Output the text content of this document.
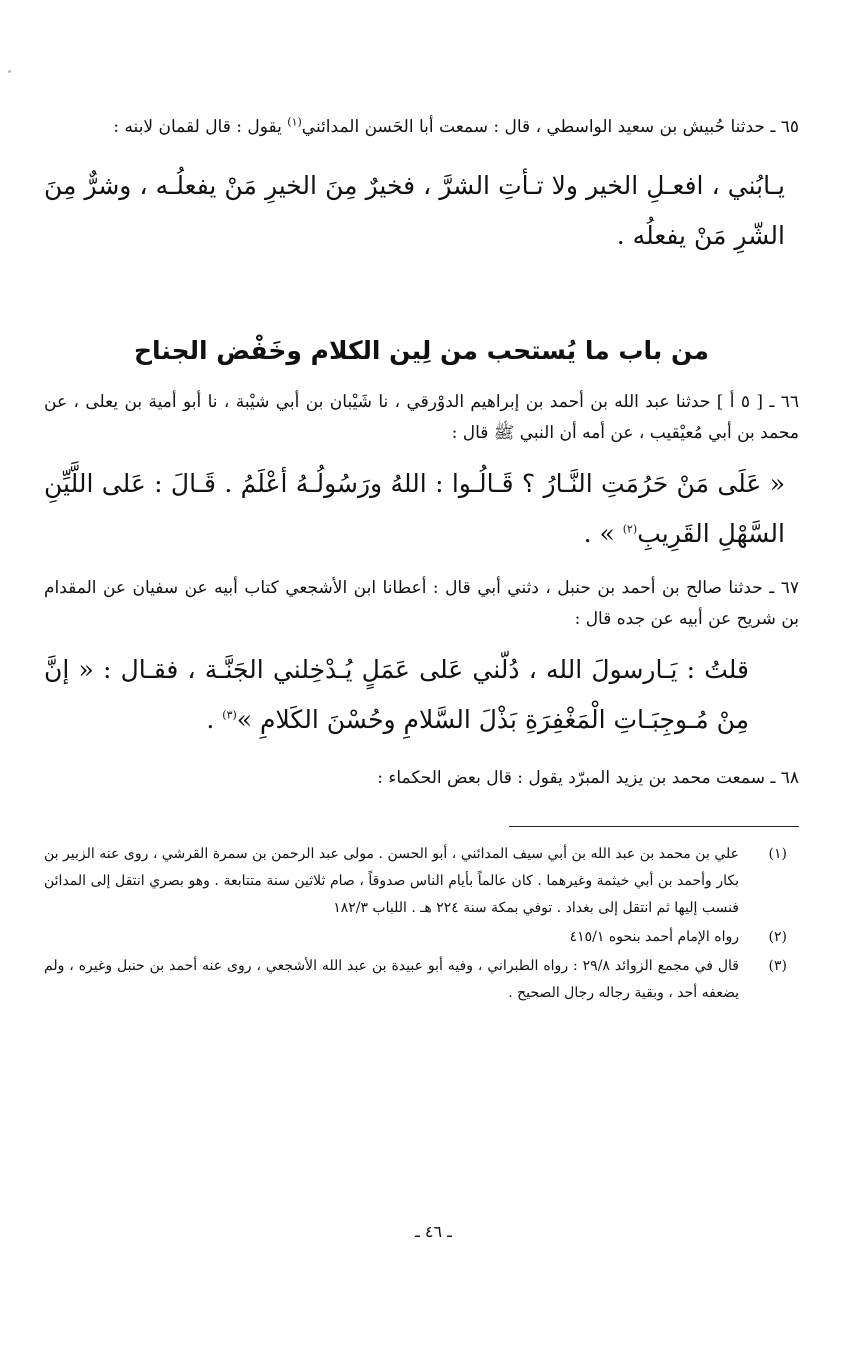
٦٥ ـ حدثنا حُبيش بن سعيد الواسطي ، قال : سمعت أبا الحَسن المدائني$^{(١)}$ يقول : قال لقمان لابنه :

يـابُني ، افعـلِ الخير ولا تـأتِ الشرَّ ، فخيرٌ مِنَ الخيرِ مَنْ يفعلُـه ، وشرٌّ مِنَ الشّرِ مَنْ يفعلُه .

من باب ما يُستحب من لِين الكلام وخَفْض الجناح

٦٦ ـ [ ٥ أ ] حدثنا عبد الله بن أحمد بن إبراهيم الدوْرقي ، نا شَيْبان بن أبي شيْبة ، نا أبو أمية بن يعلى ، عن محمد بن أبي مُعيْقيب ، عن أمه أن النبي ﷺ قال :

« عَلَى مَنْ حَرُمَتِ النَّـارُ ؟ قَـالُـوا : اللهُ ورَسُولُـهُ أعْلَمُ . قَـالَ : عَلى اللَّيِّنِ السَّهْلِ القَرِيبِ$^{(٢)}$ » .

٦٧ ـ حدثنا صالح بن أحمد بن حنبل ، دثني أبي قال : أعطانا ابن الأشجعي كتاب أبيه عن سفيان عن المقدام بن شريح عن أبيه عن جده قال :

قلتُ : يَـارسولَ الله ، دُلّني عَلى عَمَلٍ يُـدْخِلني الجَنَّـة ، فقـال : « إنَّ مِنْ مُـوجِبَـاتِ الْمَغْفِرَةِ بَذْلَ السَّلامِ وحُسْنَ الكَلامِ »$^{(٣)}$ .

٦٨ ـ سمعت محمد بن يزيد المبرّد يقول : قال بعض الحكماء :

(١)
علي بن محمد بن عبد الله بن أبي سيف المدائني ، أبو الحسن . مولى عبد الرحمن بن سمرة القرشي ، روى عنه الزبير بن بكار وأحمد بن أبي خيثمة وغيرهما . كان عالماً بأيام الناس صدوقاً ، صام ثلاثين سنة متتابعة . وهو بصري انتقل إلى المدائن فنسب إليها ثم انتقل إلى بغداد . توفي بمكة سنة ٢٢٤ هـ . اللباب ١٨٢/٣
(٢)
رواه الإمام أحمد بنحوه ٤١٥/١
(٣)
قال في مجمع الزوائد ٢٩/٨ : رواه الطبراني ، وفيه أبو عبيدة بن عبد الله الأشجعي ، روى عنه أحمد بن حنبل وغيره ، ولم يضعفه أحد ، وبقية رجاله رجال الصحيح .
ـ ٤٦ ـ
